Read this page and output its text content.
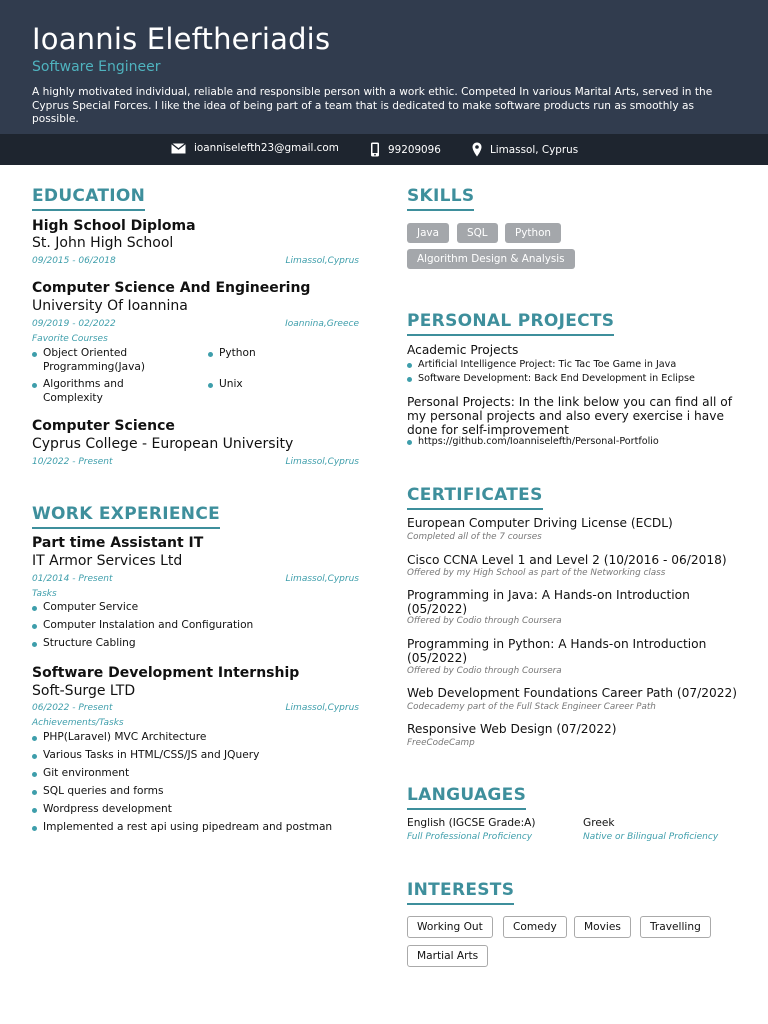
Ioannis Eleftheriadis
Software Engineer
A highly motivated individual, reliable and responsible person with a work ethic. Competed In various Marital Arts, served in the Cyprus Special Forces. I like the idea of being part of a team that is dedicated to make software products run as smoothly as possible.
ioanniselefth23@gmail.com	99209096	Limassol, Cyprus
EDUCATION
High School Diploma
St. John High School
09/2015 - 06/2018	Limassol,Cyprus
Computer Science And Engineering
University Of Ioannina
09/2019 - 02/2022	Ioannina,Greece
Favorite Courses
Object Oriented Programming(Java)
Python
Algorithms and Complexity
Unix
Computer Science
Cyprus College - European University
10/2022 - Present	Limassol,Cyprus
WORK EXPERIENCE
Part time Assistant IT
IT Armor Services Ltd
01/2014 - Present	Limassol,Cyprus
Tasks
Computer Service
Computer Instalation and Configuration
Structure Cabling
Software Development Internship
Soft-Surge LTD
06/2022 - Present	Limassol,Cyprus
Achievements/Tasks
PHP(Laravel) MVC Architecture
Various Tasks in HTML/CSS/JS and JQuery
Git environment
SQL queries and forms
Wordpress development
Implemented a rest api using pipedream and postman
SKILLS
Java	SQL	Python
Algorithm Design & Analysis
PERSONAL PROJECTS
Academic Projects
Artificial Intelligence Project: Tic Tac Toe Game in Java
Software Development: Back End Development in Eclipse
Personal Projects: In the link below you can find all of my personal projects and also every exercise i have done for self-improvement
https://github.com/Ioanniselefth/Personal-Portfolio
CERTIFICATES
European Computer Driving License (ECDL)
Completed all of the 7 courses
Cisco CCNA Level 1 and Level 2 (10/2016 - 06/2018)
Offered by my High School as part of the Networking class
Programming in Java: A Hands-on Introduction (05/2022)
Offered by Codio through Coursera
Programming in Python: A Hands-on Introduction (05/2022)
Offered by Codio through Coursera
Web Development Foundations Career Path (07/2022)
Codecademy part of the Full Stack Engineer Career Path
Responsive Web Design (07/2022)
FreeCodeCamp
LANGUAGES
English (IGCSE Grade:A)
Full Professional Proficiency
Greek
Native or Bilingual Proficiency
INTERESTS
Working Out	Comedy	Movies	Travelling
Martial Arts
